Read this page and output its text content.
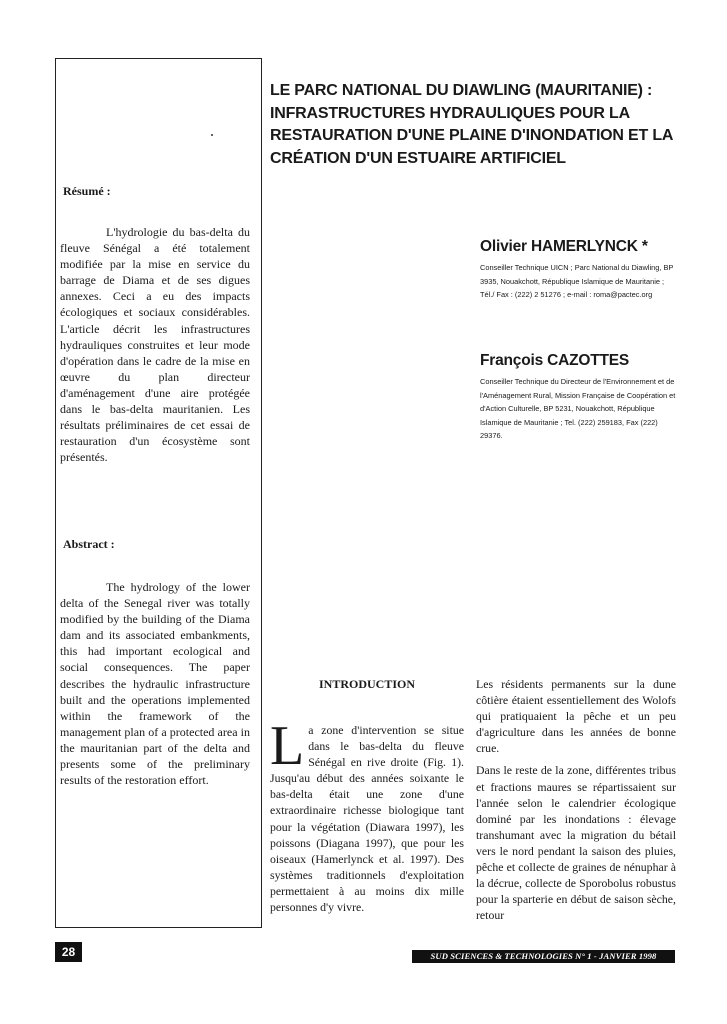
Résumé :
L'hydrologie du bas-delta du fleuve Sénégal a été totalement modifiée par la mise en service du barrage de Diama et de ses digues annexes. Ceci a eu des impacts écologiques et sociaux considérables. L'article décrit les infrastructures hydrauliques construites et leur mode d'opération dans le cadre de la mise en œuvre du plan directeur d'aménagement d'une aire protégée dans le bas-delta mauritanien. Les résultats préliminaires de cet essai de restauration d'un écosystème sont présentés.
Abstract :
The hydrology of the lower delta of the Senegal river was totally modified by the building of the Diama dam and its associated embankments, this had important ecological and social consequences. The paper describes the hydraulic infrastructure built and the operations implemented within the framework of the management plan of a protected area in the mauritanian part of the delta and presents some of the preliminary results of the restoration effort.
LE PARC NATIONAL DU DIAWLING (MAURITANIE) : INFRASTRUCTURES HYDRAULIQUES POUR LA RESTAURATION D'UNE PLAINE D'INONDATION ET LA CRÉATION D'UN ESTUAIRE ARTIFICIEL
Olivier HAMERLYNCK *
Conseiller Technique UICN ; Parc National du Diawling, BP 3935, Nouakchott, République Islamique de Mauritanie ; Tél./ Fax : (222) 2 51276 ; e-mail : roma@pactec.org
François CAZOTTES
Conseiller Technique du Directeur de l'Environnement et de l'Aménagement Rural, Mission Française de Coopération et d'Action Culturelle, BP 5231, Nouakchott, République Islamique de Mauritanie ; Tel. (222) 259183, Fax (222) 29376.
INTRODUCTION

La zone d'intervention se situe dans le bas-delta du fleuve Sénégal en rive droite (Fig. 1). Jusqu'au début des années soixante le bas-delta était une zone d'une extraordinaire richesse biologique tant pour la végétation (Diawara 1997), les poissons (Diagana 1997), que pour les oiseaux (Hamerlynck et al. 1997). Des systèmes traditionnels d'exploitation permettaient à au moins dix mille personnes d'y vivre.

Les résidents permanents sur la dune côtière étaient essentiellement des Wolofs qui pratiquaient la pêche et un peu d'agriculture dans les années de bonne crue.

Dans le reste de la zone, différentes tribus et fractions maures se répartissaient sur l'année selon le calendrier écologique dominé par les inondations : élevage transhumant avec la migration du bétail vers le nord pendant la saison des pluies, pêche et collecte de graines de nénuphar à la décrue, collecte de Sporobolus robustus pour la sparterie en début de saison sèche, retour

28	SUD SCIENCES & TECHNOLOGIES N° 1 - JANVIER 1998
